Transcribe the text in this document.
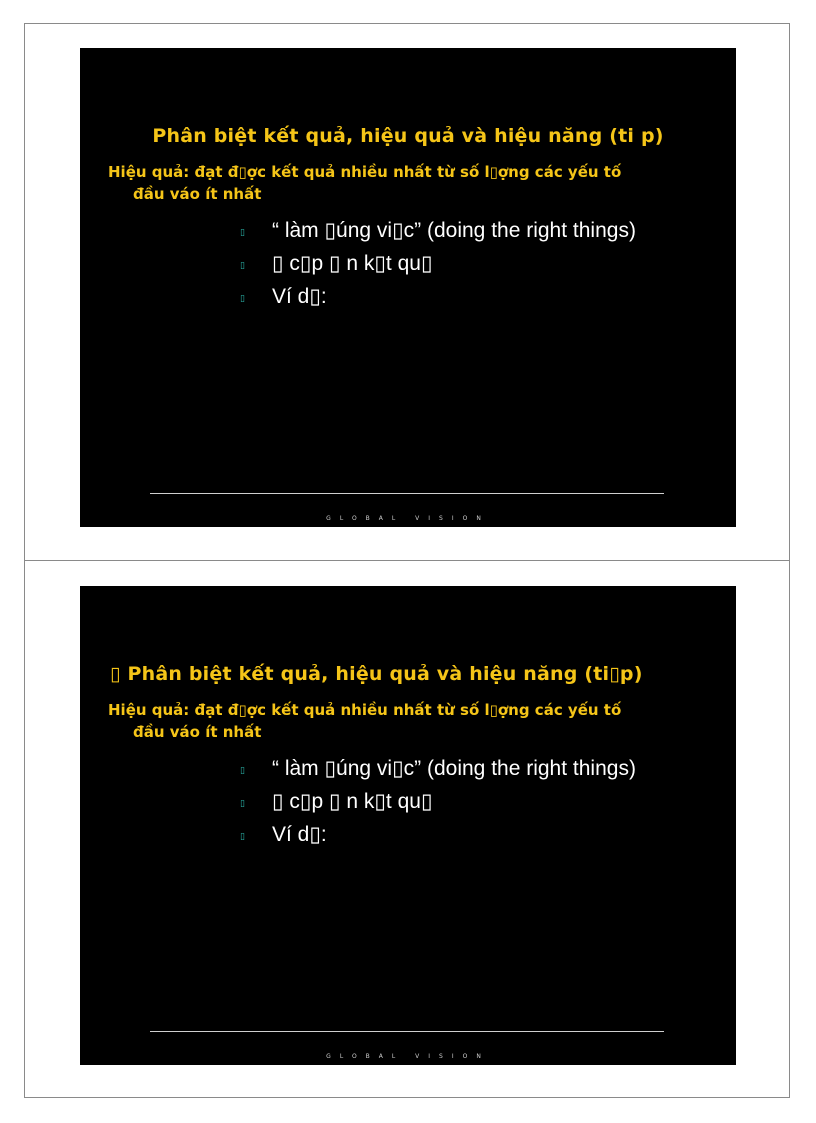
Phân biệt kết quả, hiệu quả và hiệu năng (ti p)
Hiệu quả: đạt đ▯ợc kết quả nhiều nhất từ số l▯ợng các yếu tố
đầu váo ít nhất
▯ “ làm ▯úng vi▯c” (doing the right things)
▯ ▯ c▯p ▯ n k▯t qu▯
▯ Ví d▯:
GLOBAL VISION
▯ Phân biệt kết quả, hiệu quả và hiệu năng (ti▯p)
Hiệu quả: đạt đ▯ợc kết quả nhiều nhất từ số l▯ợng các yếu tố
đầu váo ít nhất
▯ “ làm ▯úng vi▯c” (doing the right things)
▯ ▯ c▯p ▯ n k▯t qu▯
▯ Ví d▯:
GLOBAL VISION
